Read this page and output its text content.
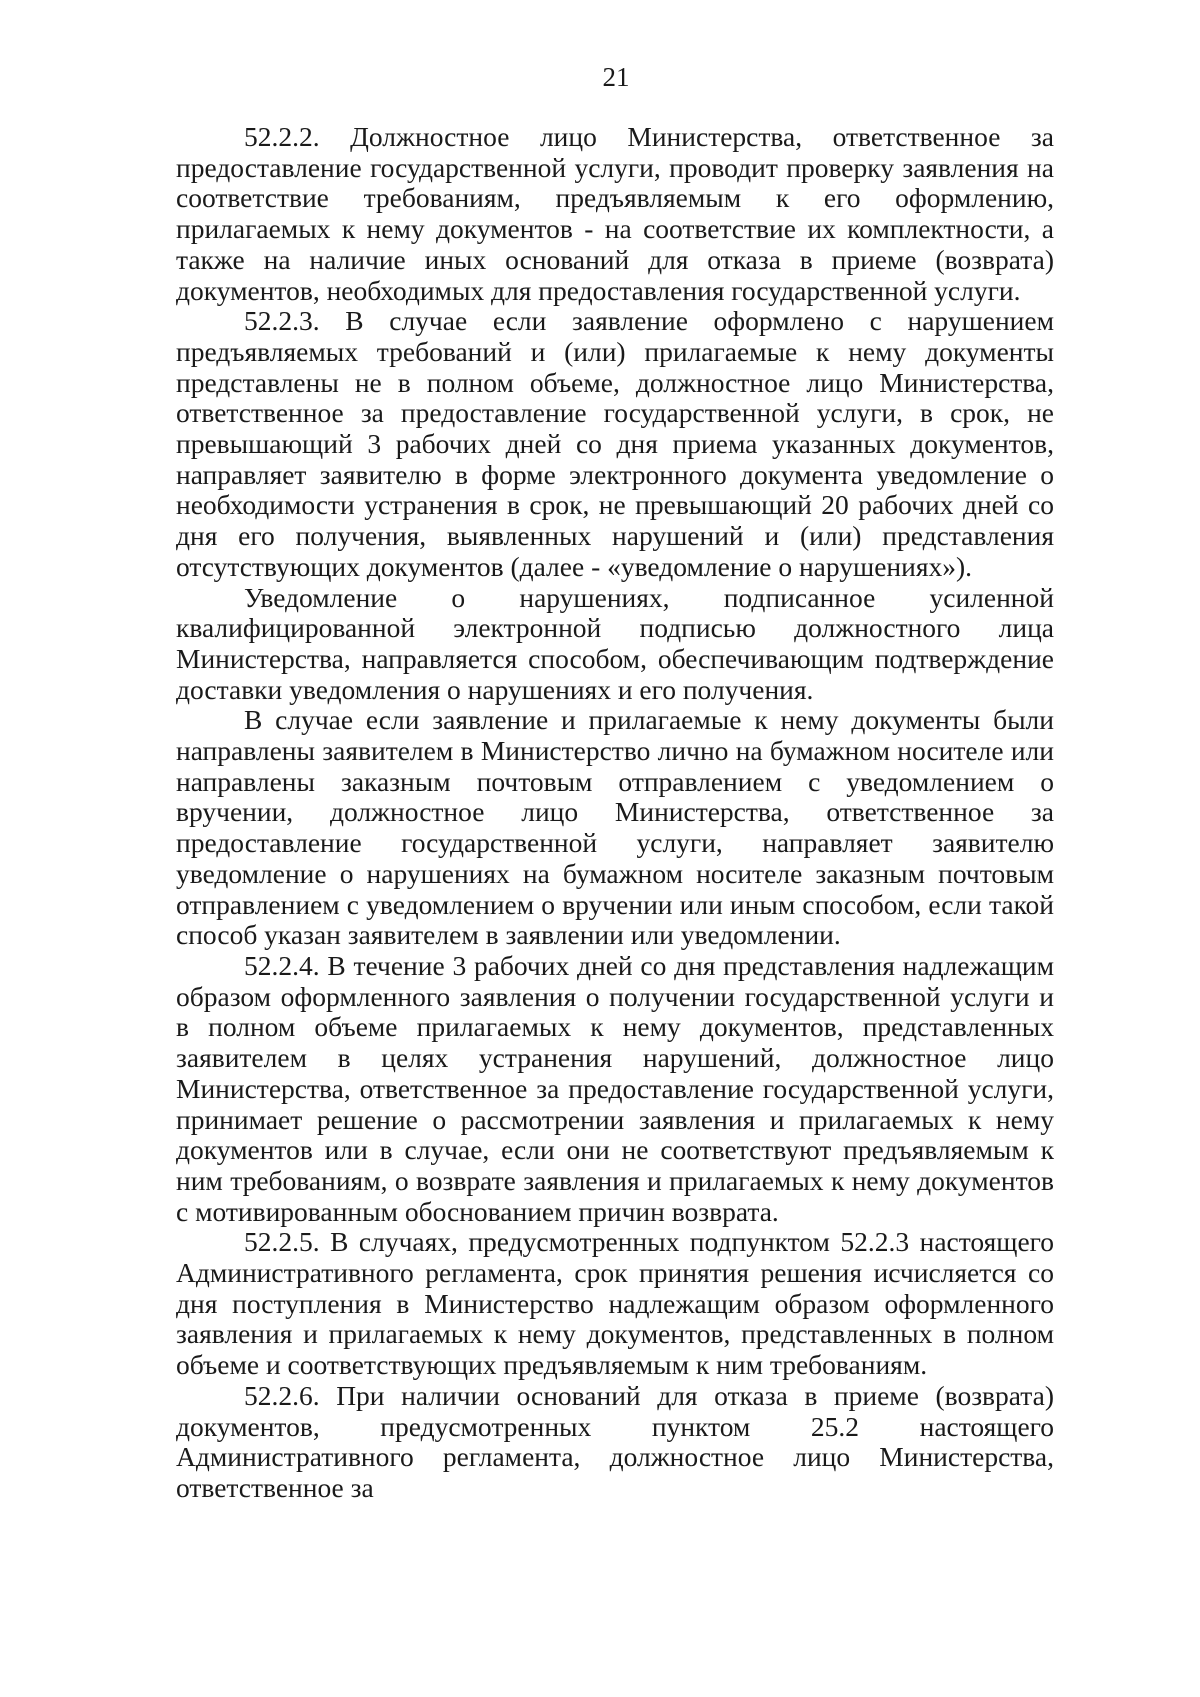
21

52.2.2. Должностное лицо Министерства, ответственное за предоставление государственной услуги, проводит проверку заявления на соответствие требованиям, предъявляемым к его оформлению, прилагаемых к нему документов - на соответствие их комплектности, а также на наличие иных оснований для отказа в приеме (возврата) документов, необходимых для предоставления государственной услуги.

52.2.3. В случае если заявление оформлено с нарушением предъявляемых требований и (или) прилагаемые к нему документы представлены не в полном объеме, должностное лицо Министерства, ответственное за предоставление государственной услуги, в срок, не превышающий 3 рабочих дней со дня приема указанных документов, направляет заявителю в форме электронного документа уведомление о необходимости устранения в срок, не превышающий 20 рабочих дней со дня его получения, выявленных нарушений и (или) представления отсутствующих документов (далее - «уведомление о нарушениях»).

Уведомление о нарушениях, подписанное усиленной квалифицированной электронной подписью должностного лица Министерства, направляется способом, обеспечивающим подтверждение доставки уведомления о нарушениях и его получения.

В случае если заявление и прилагаемые к нему документы были направлены заявителем в Министерство лично на бумажном носителе или направлены заказным почтовым отправлением с уведомлением о вручении, должностное лицо Министерства, ответственное за предоставление государственной услуги, направляет заявителю уведомление о нарушениях на бумажном носителе заказным почтовым отправлением с уведомлением о вручении или иным способом, если такой способ указан заявителем в заявлении или уведомлении.

52.2.4. В течение 3 рабочих дней со дня представления надлежащим образом оформленного заявления о получении государственной услуги и в полном объеме прилагаемых к нему документов, представленных заявителем в целях устранения нарушений, должностное лицо Министерства, ответственное за предоставление государственной услуги, принимает решение о рассмотрении заявления и прилагаемых к нему документов или в случае, если они не соответствуют предъявляемым к ним требованиям, о возврате заявления и прилагаемых к нему документов с мотивированным обоснованием причин возврата.

52.2.5. В случаях, предусмотренных подпунктом 52.2.3 настоящего Административного регламента, срок принятия решения исчисляется со дня поступления в Министерство надлежащим образом оформленного заявления и прилагаемых к нему документов, представленных в полном объеме и соответствующих предъявляемым к ним требованиям.

52.2.6. При наличии оснований для отказа в приеме (возврата) документов, предусмотренных пунктом 25.2 настоящего Административного регламента, должностное лицо Министерства, ответственное за
